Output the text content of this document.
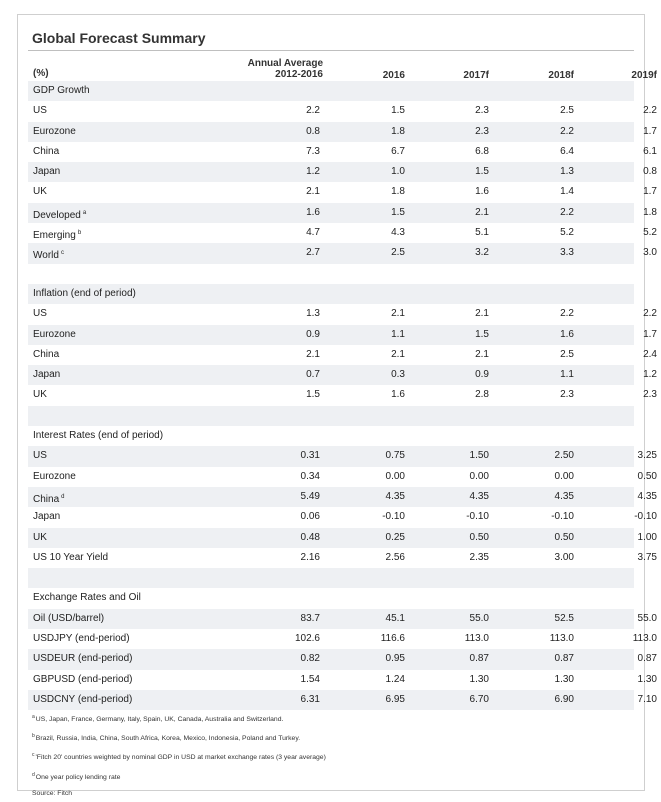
Global Forecast Summary
(%)
Annual Average
2012-2016	2016	2017f	2018f	2019f
GDP Growth
US	2.2	1.5	2.3	2.5	2.2
Eurozone	0.8	1.8	2.3	2.2	1.7
China	7.3	6.7	6.8	6.4	6.1
Japan	1.2	1.0	1.5	1.3	0.8
UK	2.1	1.8	1.6	1.4	1.7
Developed $^a$	1.6	1.5	2.1	2.2	1.8
Emerging $^b$	4.7	4.3	5.1	5.2	5.2
World $^c$	2.7	2.5	3.2	3.3	3.0
Inflation (end of period)
US	1.3	2.1	2.1	2.2	2.2
Eurozone	0.9	1.1	1.5	1.6	1.7
China	2.1	2.1	2.1	2.5	2.4
Japan	0.7	0.3	0.9	1.1	1.2
UK	1.5	1.6	2.8	2.3	2.3
Interest Rates (end of period)
US	0.31	0.75	1.50	2.50	3.25
Eurozone	0.34	0.00	0.00	0.00	0.50
China $^d$	5.49	4.35	4.35	4.35	4.35
Japan	0.06	-0.10	-0.10	-0.10	-0.10
UK	0.48	0.25	0.50	0.50	1.00
US 10 Year Yield	2.16	2.56	2.35	3.00	3.75
Exchange Rates and Oil
Oil (USD/barrel)	83.7	45.1	55.0	52.5	55.0
USDJPY (end-period)	102.6	116.6	113.0	113.0	113.0
USDEUR (end-period)	0.82	0.95	0.87	0.87	0.87
GBPUSD (end-period)	1.54	1.24	1.30	1.30	1.30
USDCNY (end-period)	6.31	6.95	6.70	6.90	7.10
$^a$US, Japan, France, Germany, Italy, Spain, UK, Canada, Australia and Switzerland.
$^b$Brazil, Russia, India, China, South Africa, Korea, Mexico, Indonesia, Poland and Turkey.
$^c$'Fitch 20' countries weighted by nominal GDP in USD at market exchange rates (3 year average)
$^d$One year policy lending rate
Source: Fitch
